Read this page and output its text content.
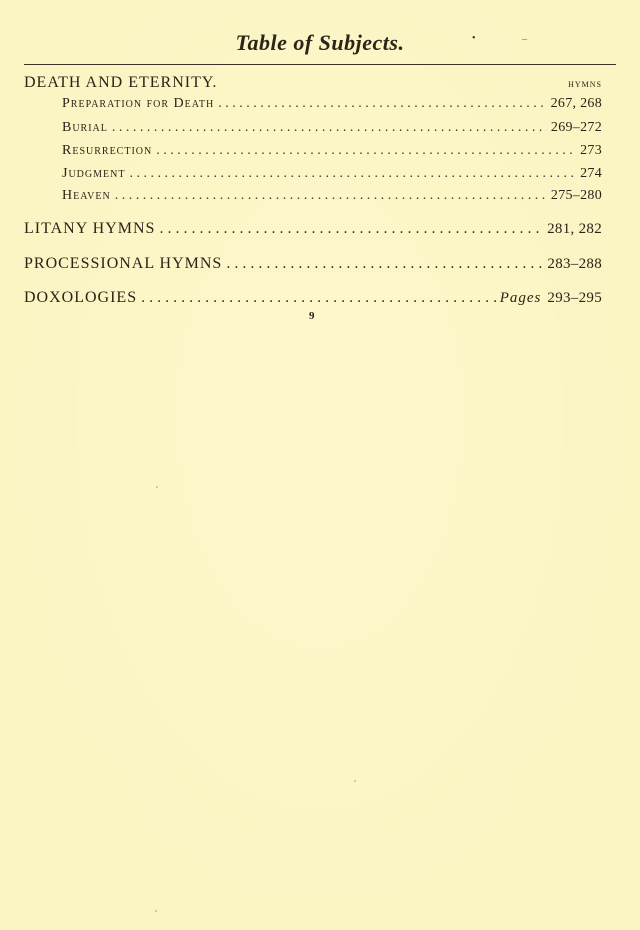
Table of Subjects.	•	–
DEATH AND ETERNITY.	HYMNS
Preparation for Death . . .	267, 268
Burial . . .	269–272
Resurrection . . .	273
Judgment . . .	274
Heaven . . .	275–280
LITANY HYMNS . . .	281, 282
PROCESSIONAL HYMNS . . .	283–288
DOXOLOGIES . . .	Pages 293–295
9
